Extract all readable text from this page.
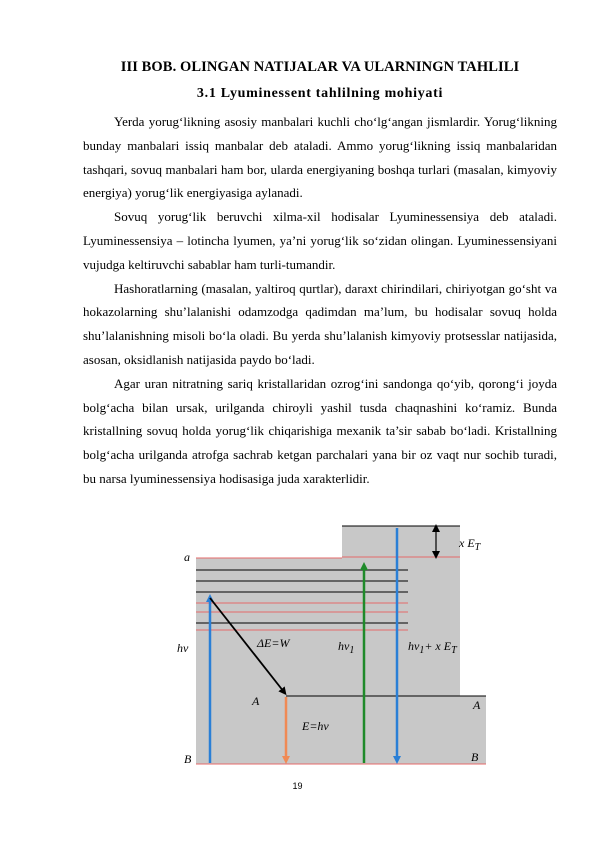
III BOB. OLINGAN NATIJALAR VA ULARNINGN TAHLILI
3.1 Lyuminessent tahlilning mohiyati

Yerda yorug‘likning asosiy manbalari kuchli cho‘lg‘angan jismlardir. Yorug‘likning bunday manbalari issiq manbalar deb ataladi. Ammo yorug‘likning issiq manbalaridan tashqari, sovuq manbalari ham bor, ularda energiyaning boshqa turlari (masalan, kimyoviy energiya) yorug‘lik energiyasiga aylanadi.

Sovuq yorug‘lik beruvchi xilma-xil hodisalar Lyuminessensiya deb ataladi. Lyuminessensiya – lotincha lyumen, ya’ni yorug‘lik so‘zidan olingan. Lyuminessensiyani vujudga keltiruvchi sabablar ham turli-tumandir.

Hashoratlarning (masalan, yaltiroq qurtlar), daraxt chirindilari, chiriyotgan go‘sht va hokazolarning shu’lalanishi odamzodga qadimdan ma’lum, bu hodisalar sovuq holda shu’lalanishning misoli bo‘la oladi. Bu yerda shu’lalanish kimyoviy protsesslar natijasida, asosan, oksidlanish natijasida paydo bo‘ladi.

Agar uran nitratning sariq kristallaridan ozrog‘ini sandonga qo‘yib, qorong‘i joyda bolg‘acha bilan ursak, urilganda chiroyli yashil tusda chaqnashini ko‘ramiz. Bunda kristallning sovuq holda yorug‘lik chiqarishiga mexanik ta’sir sabab bo‘ladi. Kristallning bolg‘acha urilganda atrofga sachrab ketgan parchalari yana bir oz vaqt nur sochib turadi, bu narsa lyuminessensiya hodisasiga juda xarakterlidir.

a
x $E_T$
hν	ΔE=W	$h\nu_1$	$h\nu_1+ x$ $E_T$
A	A
E=hν
B	B
19
